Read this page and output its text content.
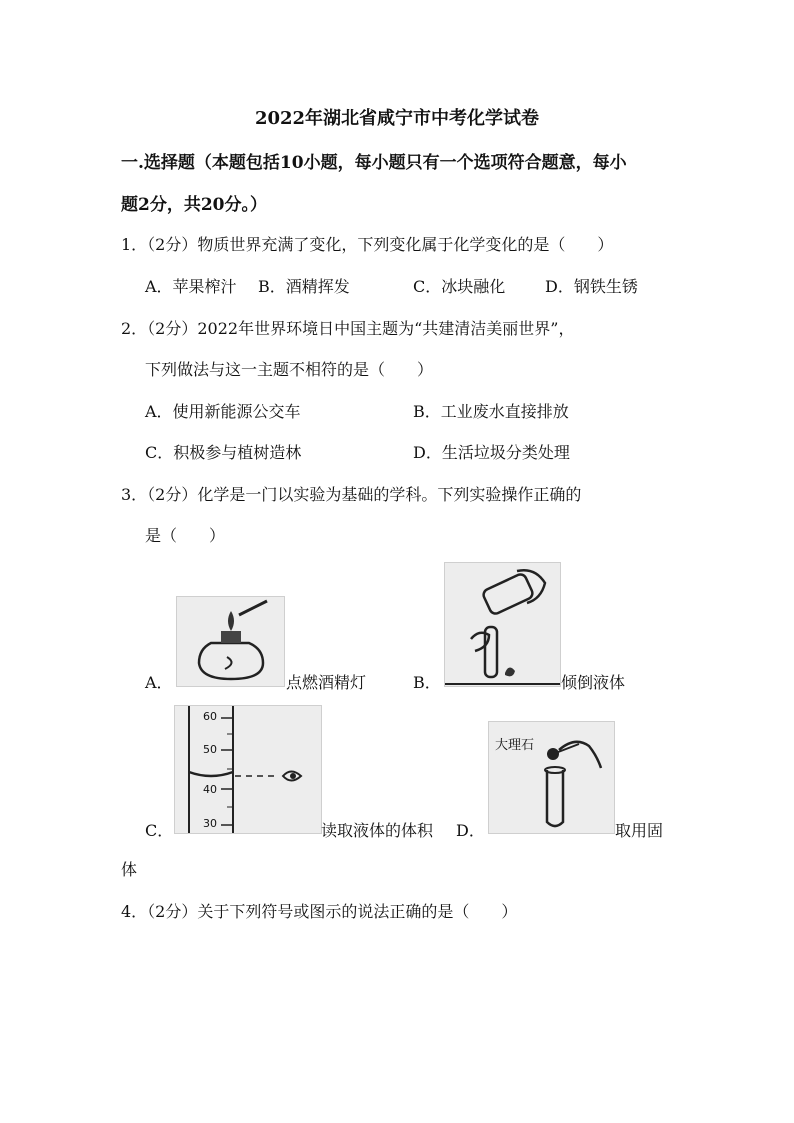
2022年湖北省咸宁市中考化学试卷
一.选择题（本题包括10小题，每小题只有一个选项符合题意，每小
题2分，共20分。）
1．（2分）物质世界充满了变化，下列变化属于化学变化的是（　　）
A．苹果榨汁 B．酒精挥发	C．冰块融化 D．钢铁生锈
2．（2分）2022年世界环境日中国主题为“共建清洁美丽世界”，
下列做法与这一主题不相符的是（　　）
A．使用新能源公交车	B．工业废水直接排放
C．积极参与植树造林	D．生活垃圾分类处理
3．（2分）化学是一门以实验为基础的学科。下列实验操作正确的
是（　　）
A．	点燃酒精灯	B．	倾倒液体
60
50
40
30
C．	读取液体的体积
大理石
D．	取用固
体
4．（2分）关于下列符号或图示的说法正确的是（　　）
